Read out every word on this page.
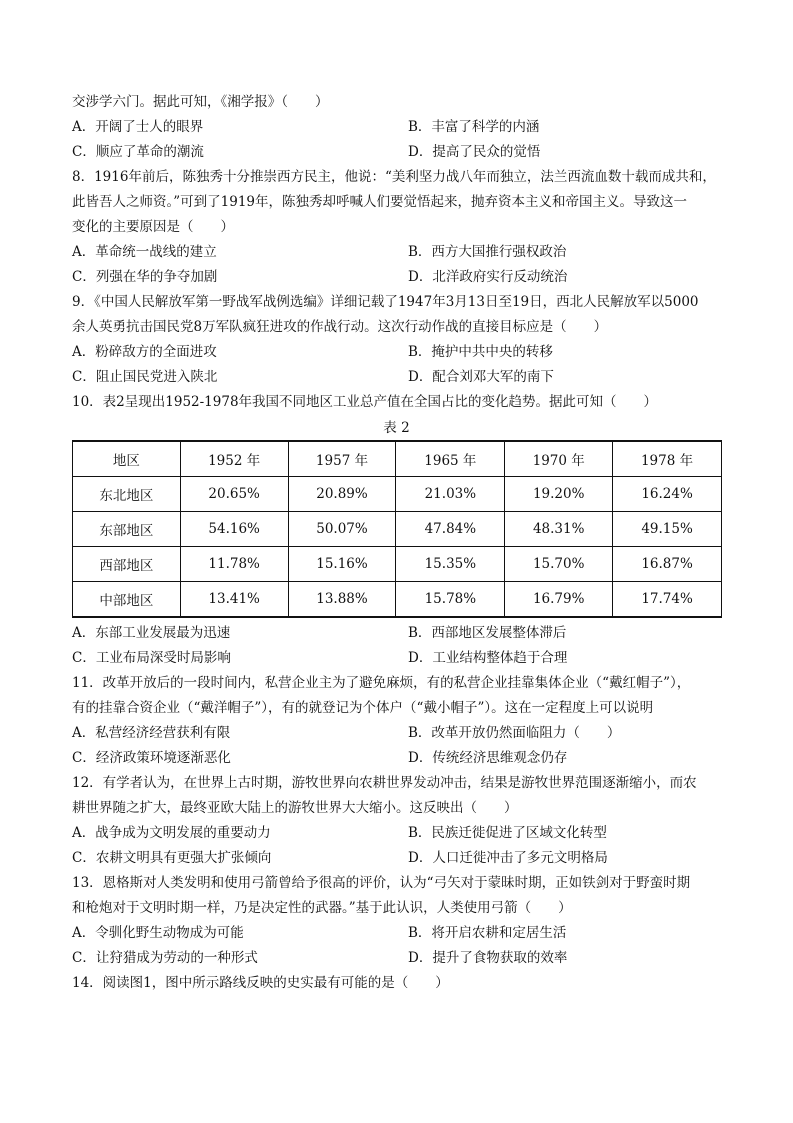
交涉学六门。据此可知，《湘学报》（　　）
A．开阔了士人的眼界	B．丰富了科学的内涵
C．顺应了革命的潮流	D．提高了民众的觉悟
8．1916年前后，陈独秀十分推崇西方民主，他说：“美利坚力战八年而独立，法兰西流血数十载而成共和，
此皆吾人之师资。”可到了1919年，陈独秀却呼喊人们要觉悟起来，抛弃资本主义和帝国主义。导致这一
变化的主要原因是（　　）
A．革命统一战线的建立	B．西方大国推行强权政治
C．列强在华的争夺加剧	D．北洋政府实行反动统治
9．《中国人民解放军第一野战军战例选编》详细记载了1947年3月13日至19日，西北人民解放军以5000
余人英勇抗击国民党8万军队疯狂进攻的作战行动。这次行动作战的直接目标应是（　　）
A．粉碎敌方的全面进攻	B．掩护中共中央的转移
C．阻止国民党进入陕北	D．配合刘邓大军的南下
10．表2呈现出1952-1978年我国不同地区工业总产值在全国占比的变化趋势。据此可知（　　）
表 2
地区	1952 年	1957 年	1965 年	1970 年	1978 年
东北地区	20.65%	20.89%	21.03%	19.20%	16.24%
东部地区	54.16%	50.07%	47.84%	48.31%	49.15%
西部地区	11.78%	15.16%	15.35%	15.70%	16.87%
中部地区	13.41%	13.88%	15.78%	16.79%	17.74%
A．东部工业发展最为迅速	B．西部地区发展整体滞后
C．工业布局深受时局影响	D．工业结构整体趋于合理
11．改革开放后的一段时间内，私营企业主为了避免麻烦，有的私营企业挂靠集体企业（“戴红帽子”），
有的挂靠合资企业（“戴洋帽子”），有的就登记为个体户（“戴小帽子”）。这在一定程度上可以说明
A．私营经济经营获利有限	B．改革开放仍然面临阻力（　　）
C．经济政策环境逐渐恶化	D．传统经济思维观念仍存
12．有学者认为，在世界上古时期，游牧世界向农耕世界发动冲击，结果是游牧世界范围逐渐缩小，而农
耕世界随之扩大，最终亚欧大陆上的游牧世界大大缩小。这反映出（　　）
A．战争成为文明发展的重要动力	B．民族迁徙促进了区域文化转型
C．农耕文明具有更强大扩张倾向	D．人口迁徙冲击了多元文明格局
13．恩格斯对人类发明和使用弓箭曾给予很高的评价，认为“弓矢对于蒙昧时期，正如铁剑对于野蛮时期
和枪炮对于文明时期一样，乃是决定性的武器。”基于此认识，人类使用弓箭（　　）
A．令驯化野生动物成为可能	B．将开启农耕和定居生活
C．让狩猎成为劳动的一种形式	D．提升了食物获取的效率
14．阅读图1，图中所示路线反映的史实最有可能的是（　　）
